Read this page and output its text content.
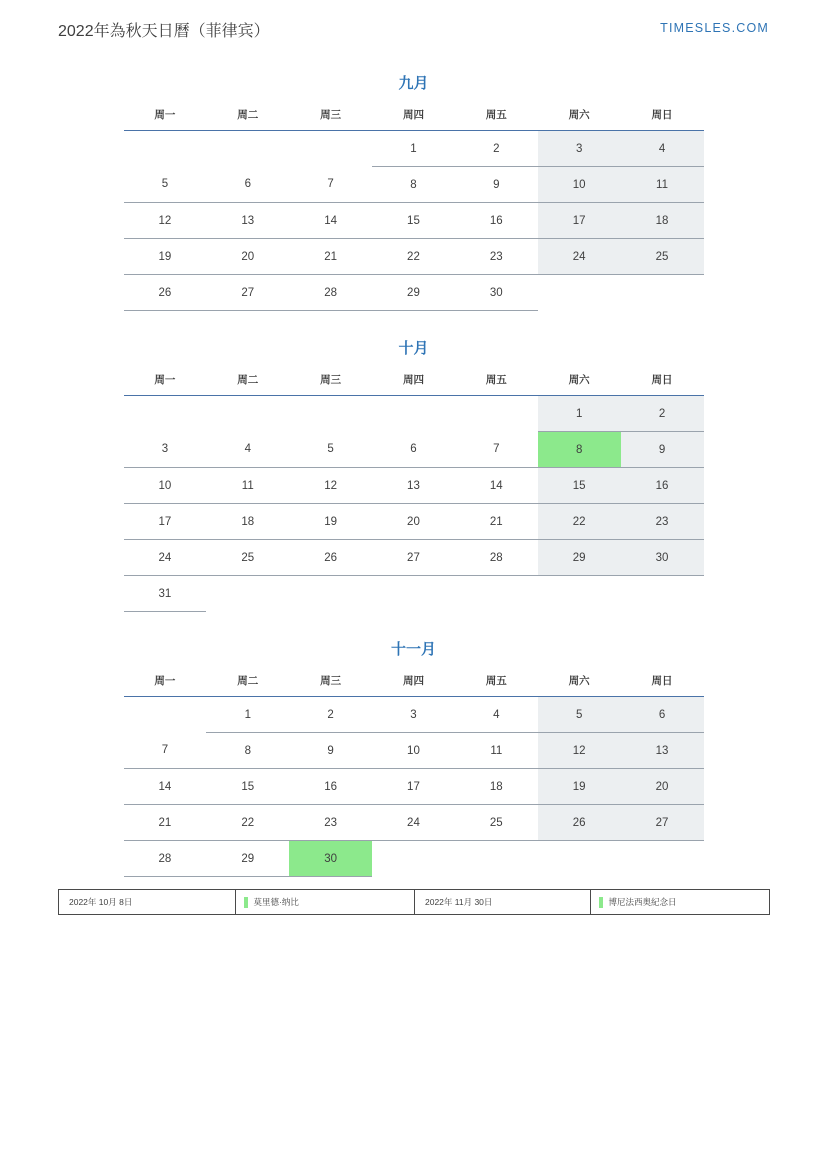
2022年為秋天日曆（菲律宾）	TIMESLES.COM
九月
周一	周二	周三	周四	周五	周六	周日
			1	2	3	4
5	6	7	8	9	10	11
12	13	14	15	16	17	18
19	20	21	22	23	24	25
26	27	28	29	30		
十月
周一	周二	周三	周四	周五	周六	周日
					1	2
3	4	5	6	7	8	9
10	11	12	13	14	15	16
17	18	19	20	21	22	23
24	25	26	27	28	29	30
31						
十一月
周一	周二	周三	周四	周五	周六	周日
	1	2	3	4	5	6
7	8	9	10	11	12	13
14	15	16	17	18	19	20
21	22	23	24	25	26	27
28	29	30				
2022年 10月 8日	莫里德·纳比	2022年 11月 30日	博尼法西奥紀念日
